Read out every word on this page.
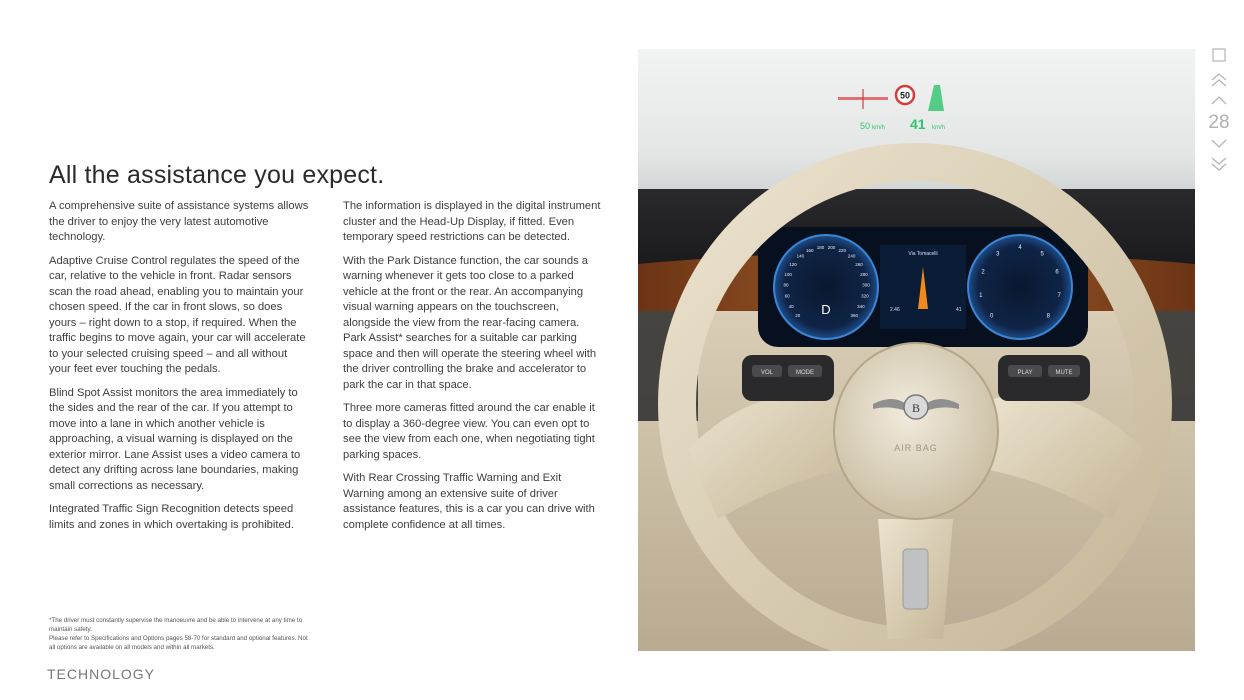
All the assistance you expect.

A comprehensive suite of assistance systems allows the driver to enjoy the very latest automotive technology.

Adaptive Cruise Control regulates the speed of the car, relative to the vehicle in front. Radar sensors scan the road ahead, enabling you to maintain your chosen speed. If the car in front slows, so does yours – right down to a stop, if required. When the traffic begins to move again, your car will accelerate to your selected cruising speed – and all without your feet ever touching the pedals.

Blind Spot Assist monitors the area immediately to the sides and the rear of the car. If you attempt to move into a lane in which another vehicle is approaching, a visual warning is displayed on the exterior mirror. Lane Assist uses a video camera to detect any drifting across lane boundaries, making small corrections as necessary.

Integrated Traffic Sign Recognition detects speed limits and zones in which overtaking is prohibited.

The information is displayed in the digital instrument cluster and the Head-Up Display, if fitted. Even temporary speed restrictions can be detected.

With the Park Distance function, the car sounds a warning whenever it gets too close to a parked vehicle at the front or the rear. An accompanying visual warning appears on the touchscreen, alongside the view from the rear-facing camera. Park Assist* searches for a suitable car parking space and then will operate the steering wheel with the driver controlling the brake and accelerator to park the car in that space.

Three more cameras fitted around the car enable it to display a 360-degree view. You can even opt to see the view from each one, when negotiating tight parking spaces.

With Rear Crossing Traffic Warning and Exit Warning among an extensive suite of driver assistance features, this is a car you can drive with complete confidence at all times.

*The driver must constantly supervise the manoeuvre and be able to intervene at any time to maintain safety.
Please refer to Specifications and Options pages 58-70 for standard and optional features. Not all options are available on all models and within all markets.
TECHNOLOGY
50
50 km/h 41 km/h
20
40
60
80
100
120
140
160
180 200
220
240
260
280
300
320
340
360	0
1
2
3
4
5
6
7
8
Via Tomacelli
D	2.46	41
B
AIR BAG
VOL	MODE	PLAY	MUTE
28
